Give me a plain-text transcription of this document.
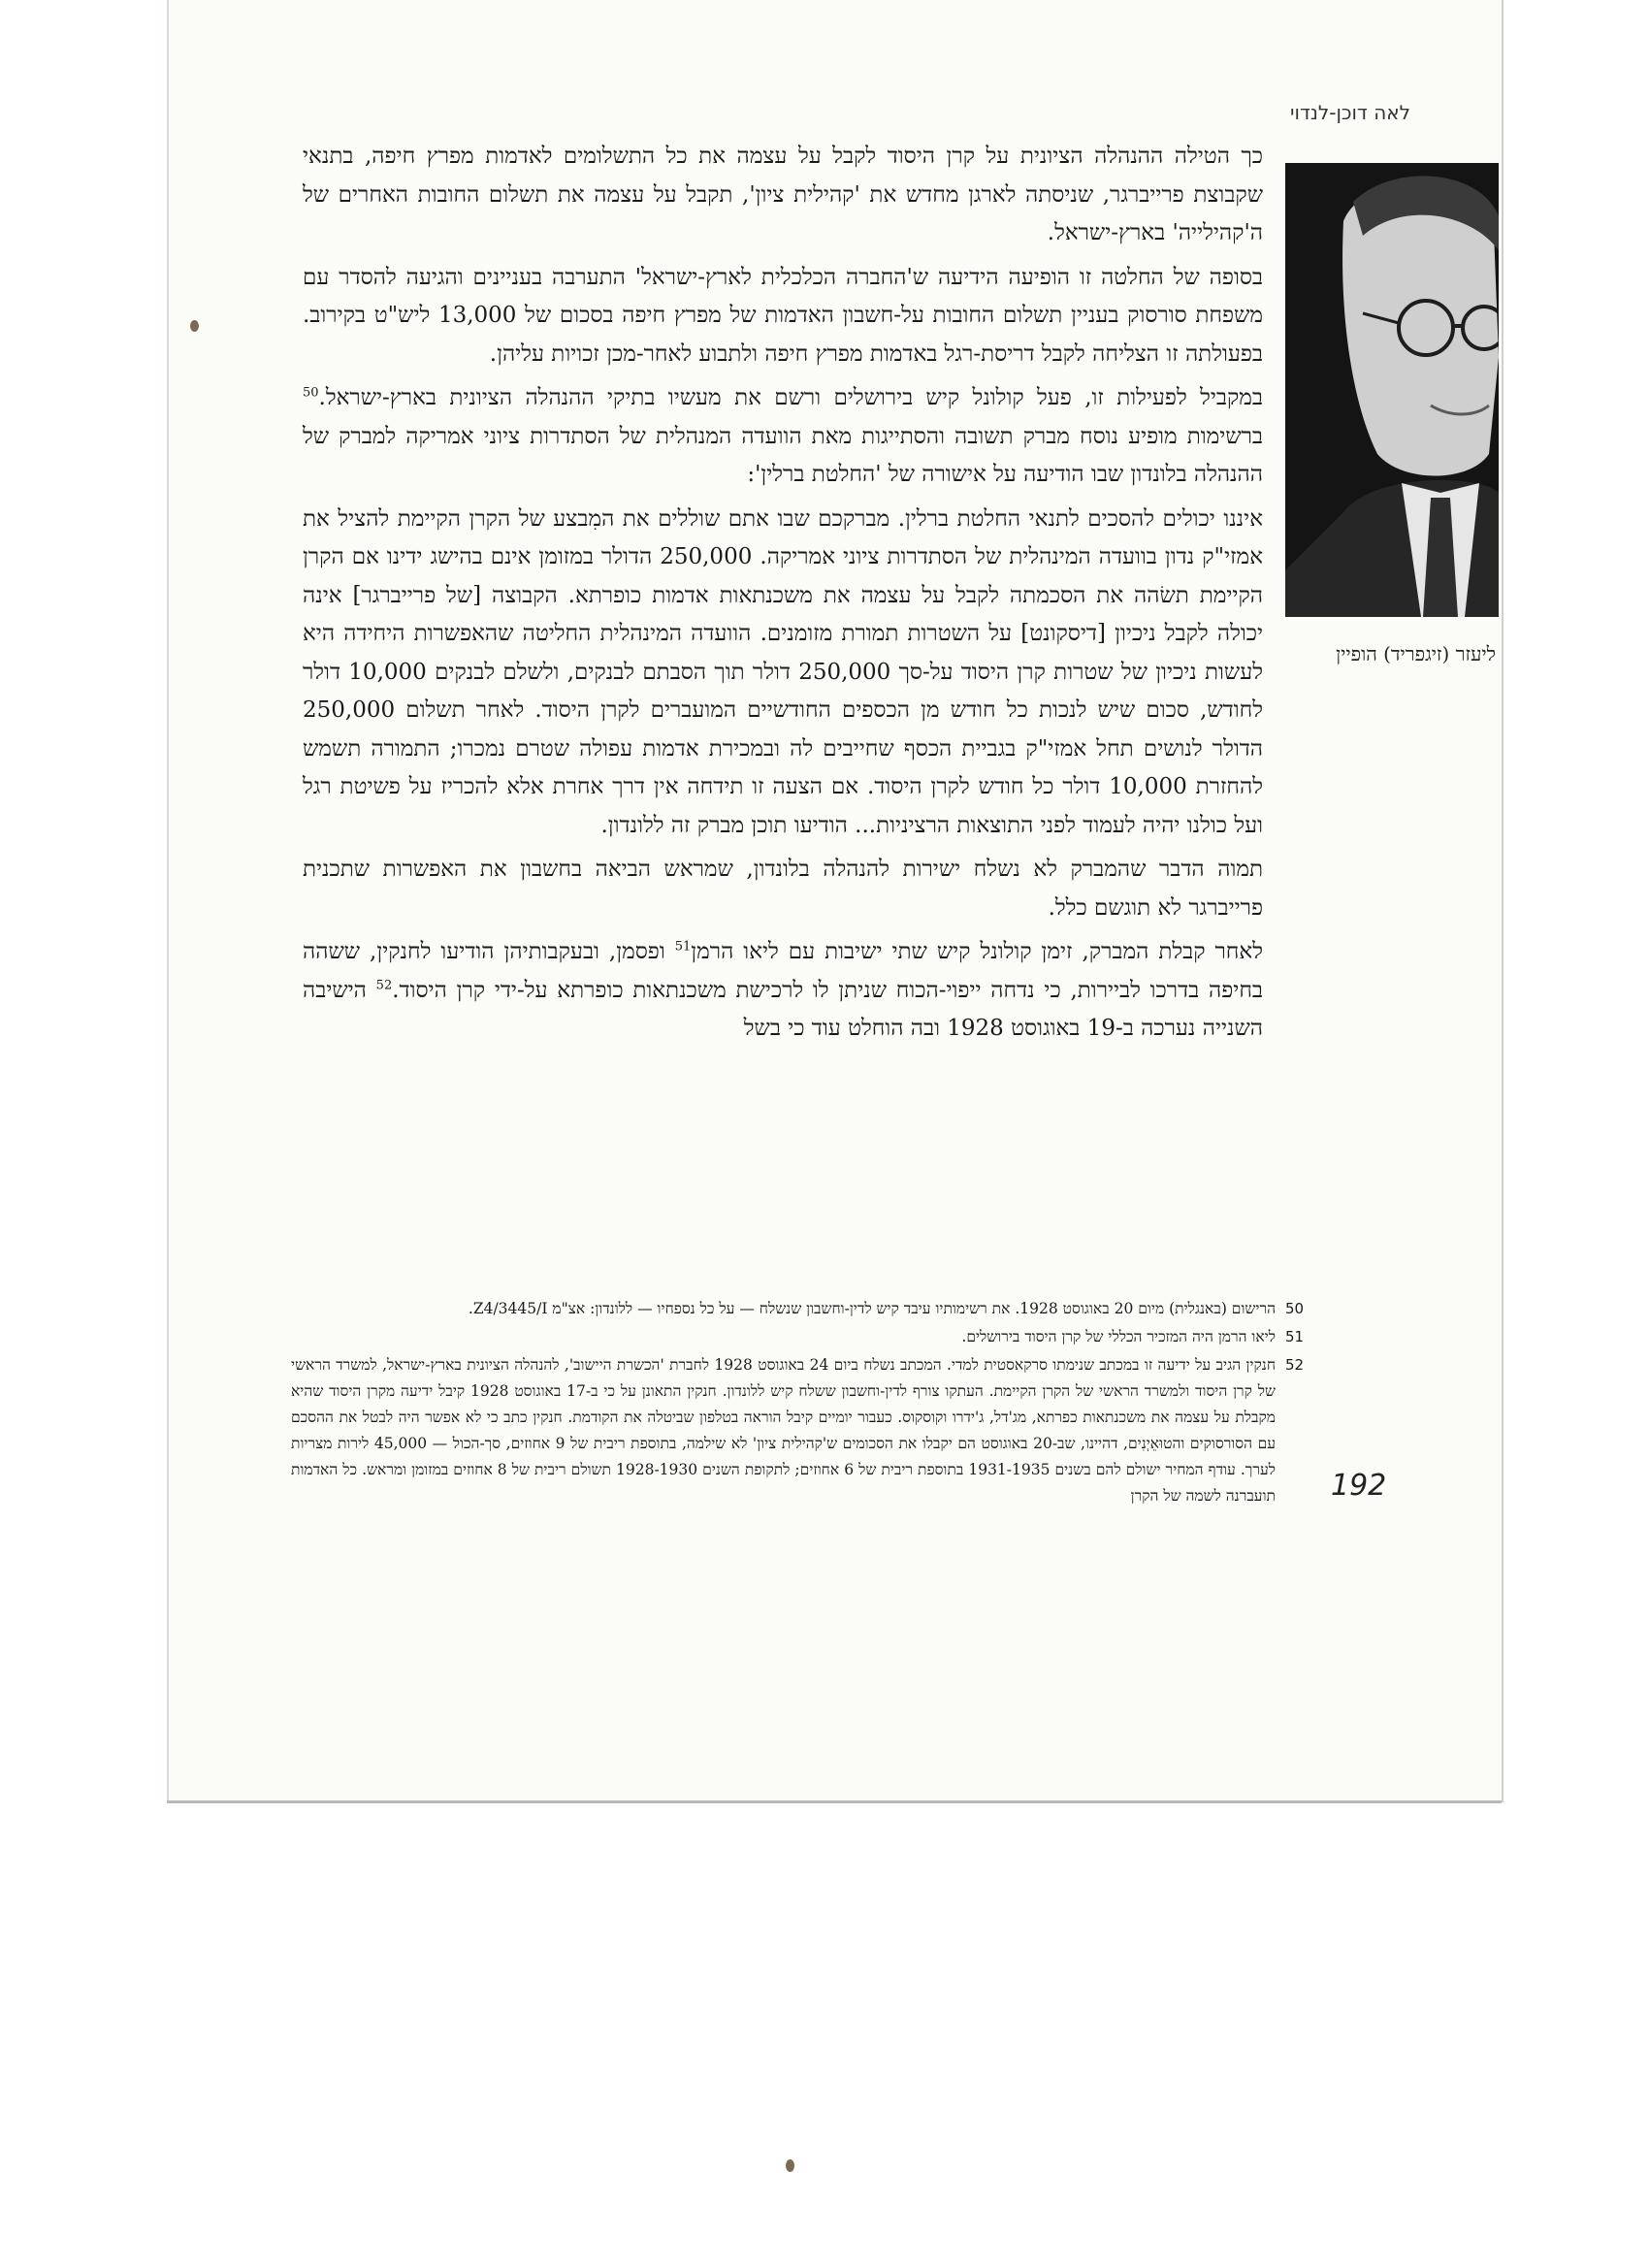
לאה דוכן-לנדוי

כך הטילה ההנהלה הציונית על קרן היסוד לקבל על עצמה את כל התשלומים לאדמות מפרץ חיפה, בתנאי שקבוצת פרייברגר, שניסתה לארגן מחדש את 'קהילית ציון', תקבל על עצמה את תשלום החובות האחרים של ה'קהילייה' בארץ-ישראל.

בסופה של החלטה זו הופיעה הידיעה ש'החברה הכלכלית לארץ-ישראל' התערבה בעניינים והגיעה להסדר עם משפחת סורסוק בעניין תשלום החובות על-חשבון האדמות של מפרץ חיפה בסכום של 13,000 ליש"ט בקירוב. בפעולתה זו הצליחה לקבל דריסת-רגל באדמות מפרץ חיפה ולתבוע לאחר-מכן זכויות עליהן.

במקביל לפעילות זו, פעל קולונל קיש בירושלים ורשם את מעשיו בתיקי ההנהלה הציונית בארץ-ישראל.$^{50}$ ברשימות מופיע נוסח מברק תשובה והסתייגות מאת הוועדה המנהלית של הסתדרות ציוני אמריקה למברק של ההנהלה בלונדון שבו הודיעה על אישורה של 'החלטת ברלין':

איננו יכולים להסכים לתנאי החלטת ברלין. מברקכם שבו אתם שוללים את המִבצע של הקרן הקיימת להציל את אמזי"ק נדון בוועדה המינהלית של הסתדרות ציוני אמריקה. 250,000 הדולר במזומן אינם בהישג ידינו אם הקרן הקיימת תשׂהה את הסכמתה לקבל על עצמה את משכנתאות אדמות כופרתא. הקבוצה [של פרייברגר] אינה יכולה לקבל ניכיון [דיסקונט] על השטרות תמורת מזומנים. הוועדה המינהלית החליטה שהאפשרות היחידה היא לעשות ניכיון של שטרות קרן היסוד על-סך 250,000 דולר תוך הסבתם לבנקים, ולשלם לבנקים 10,000 דולר לחודש, סכום שיש לנכות כל חודש מן הכספים החודשיים המועברים לקרן היסוד. לאחר תשלום 250,000 הדולר לנושים תחל אמזי"ק בגביית הכסף שחייבים לה ובמכירת אדמות עפולה שטרם נמכרו; התמורה תשמש להחזרת 10,000 דולר כל חודש לקרן היסוד. אם הצעה זו תידחה אין דרך אחרת אלא להכריז על פשיטת רגל ועל כולנו יהיה לעמוד לפני התוצאות הרציניות... הודיעו תוכן מברק זה ללונדון.

תמוה הדבר שהמברק לא נשלח ישירות להנהלה בלונדון, שמראש הביאה בחשבון את האפשרות שתכנית פרייברגר לא תוגשם כלל.

לאחר קבלת המברק, זימן קולונל קיש שתי ישיבות עם ליאו הרמן$^{51}$ ופסמן, ובעקבותיהן הודיעו לחנקין, ששהה בחיפה בדרכו לביירות, כי נדחה ייפוי-הכוח שניתן לו לרכישת משכנתאות כופרתא על-ידי קרן היסוד.$^{52}$ הישיבה השנייה נערכה ב-19 באוגוסט 1928 ובה הוחלט עוד כי בשל

ליעזר (זיגפריד) הופיין
50
הרישום (באנגלית) מיום 20 באוגוסט 1928. את רשימותיו עיבד קיש לדין-וחשבון שנשלח — על כל נספחיו — ללונדון: אצ"מ Z4/3445/I.
51
ליאו הרמן היה המזכיר הכללי של קרן היסוד בירושלים.
52
חנקין הגיב על ידיעה זו במכתב שנימתו סרקאסטית למדי. המכתב נשלח ביום 24 באוגוסט 1928 לחברת 'הכשרת היישוב', להנהלה הציונית בארץ-ישראל, למשרד הראשי של קרן היסוד ולמשרד הראשי של הקרן הקיימת. העתקו צורף לדין-וחשבון ששלח קיש ללונדון. חנקין התאונן על כי ב-17 באוגוסט 1928 קיבל ידיעה מקרן היסוד שהיא מקבלת על עצמה את משכנתאות כפרתא, מג'דל, ג'ידרו וקוסקוס. כעבור יומיים קיבל הוראה בטלפון שביטלה את הקודמת. חנקין כתב כי לא אפשר היה לבטל את ההסכם עם הסורסוקים והטוּאֵיְנִים, דהיינו, שב-20 באוגוסט הם יקבלו את הסכומים ש'קהילית ציון' לא שילמה, בתוספת ריבית של 9 אחוזים, סך-הכול — 45,000 לירות מצריות לערך. עודף המחיר ישולם להם בשנים 1931-1935 בתוספת ריבית של 6 אחוזים; לתקופת השנים 1928-1930 תשולם ריבית של 8 אחוזים במזומן ומראש. כל האדמות תועברנה לשמה של הקרן 192
